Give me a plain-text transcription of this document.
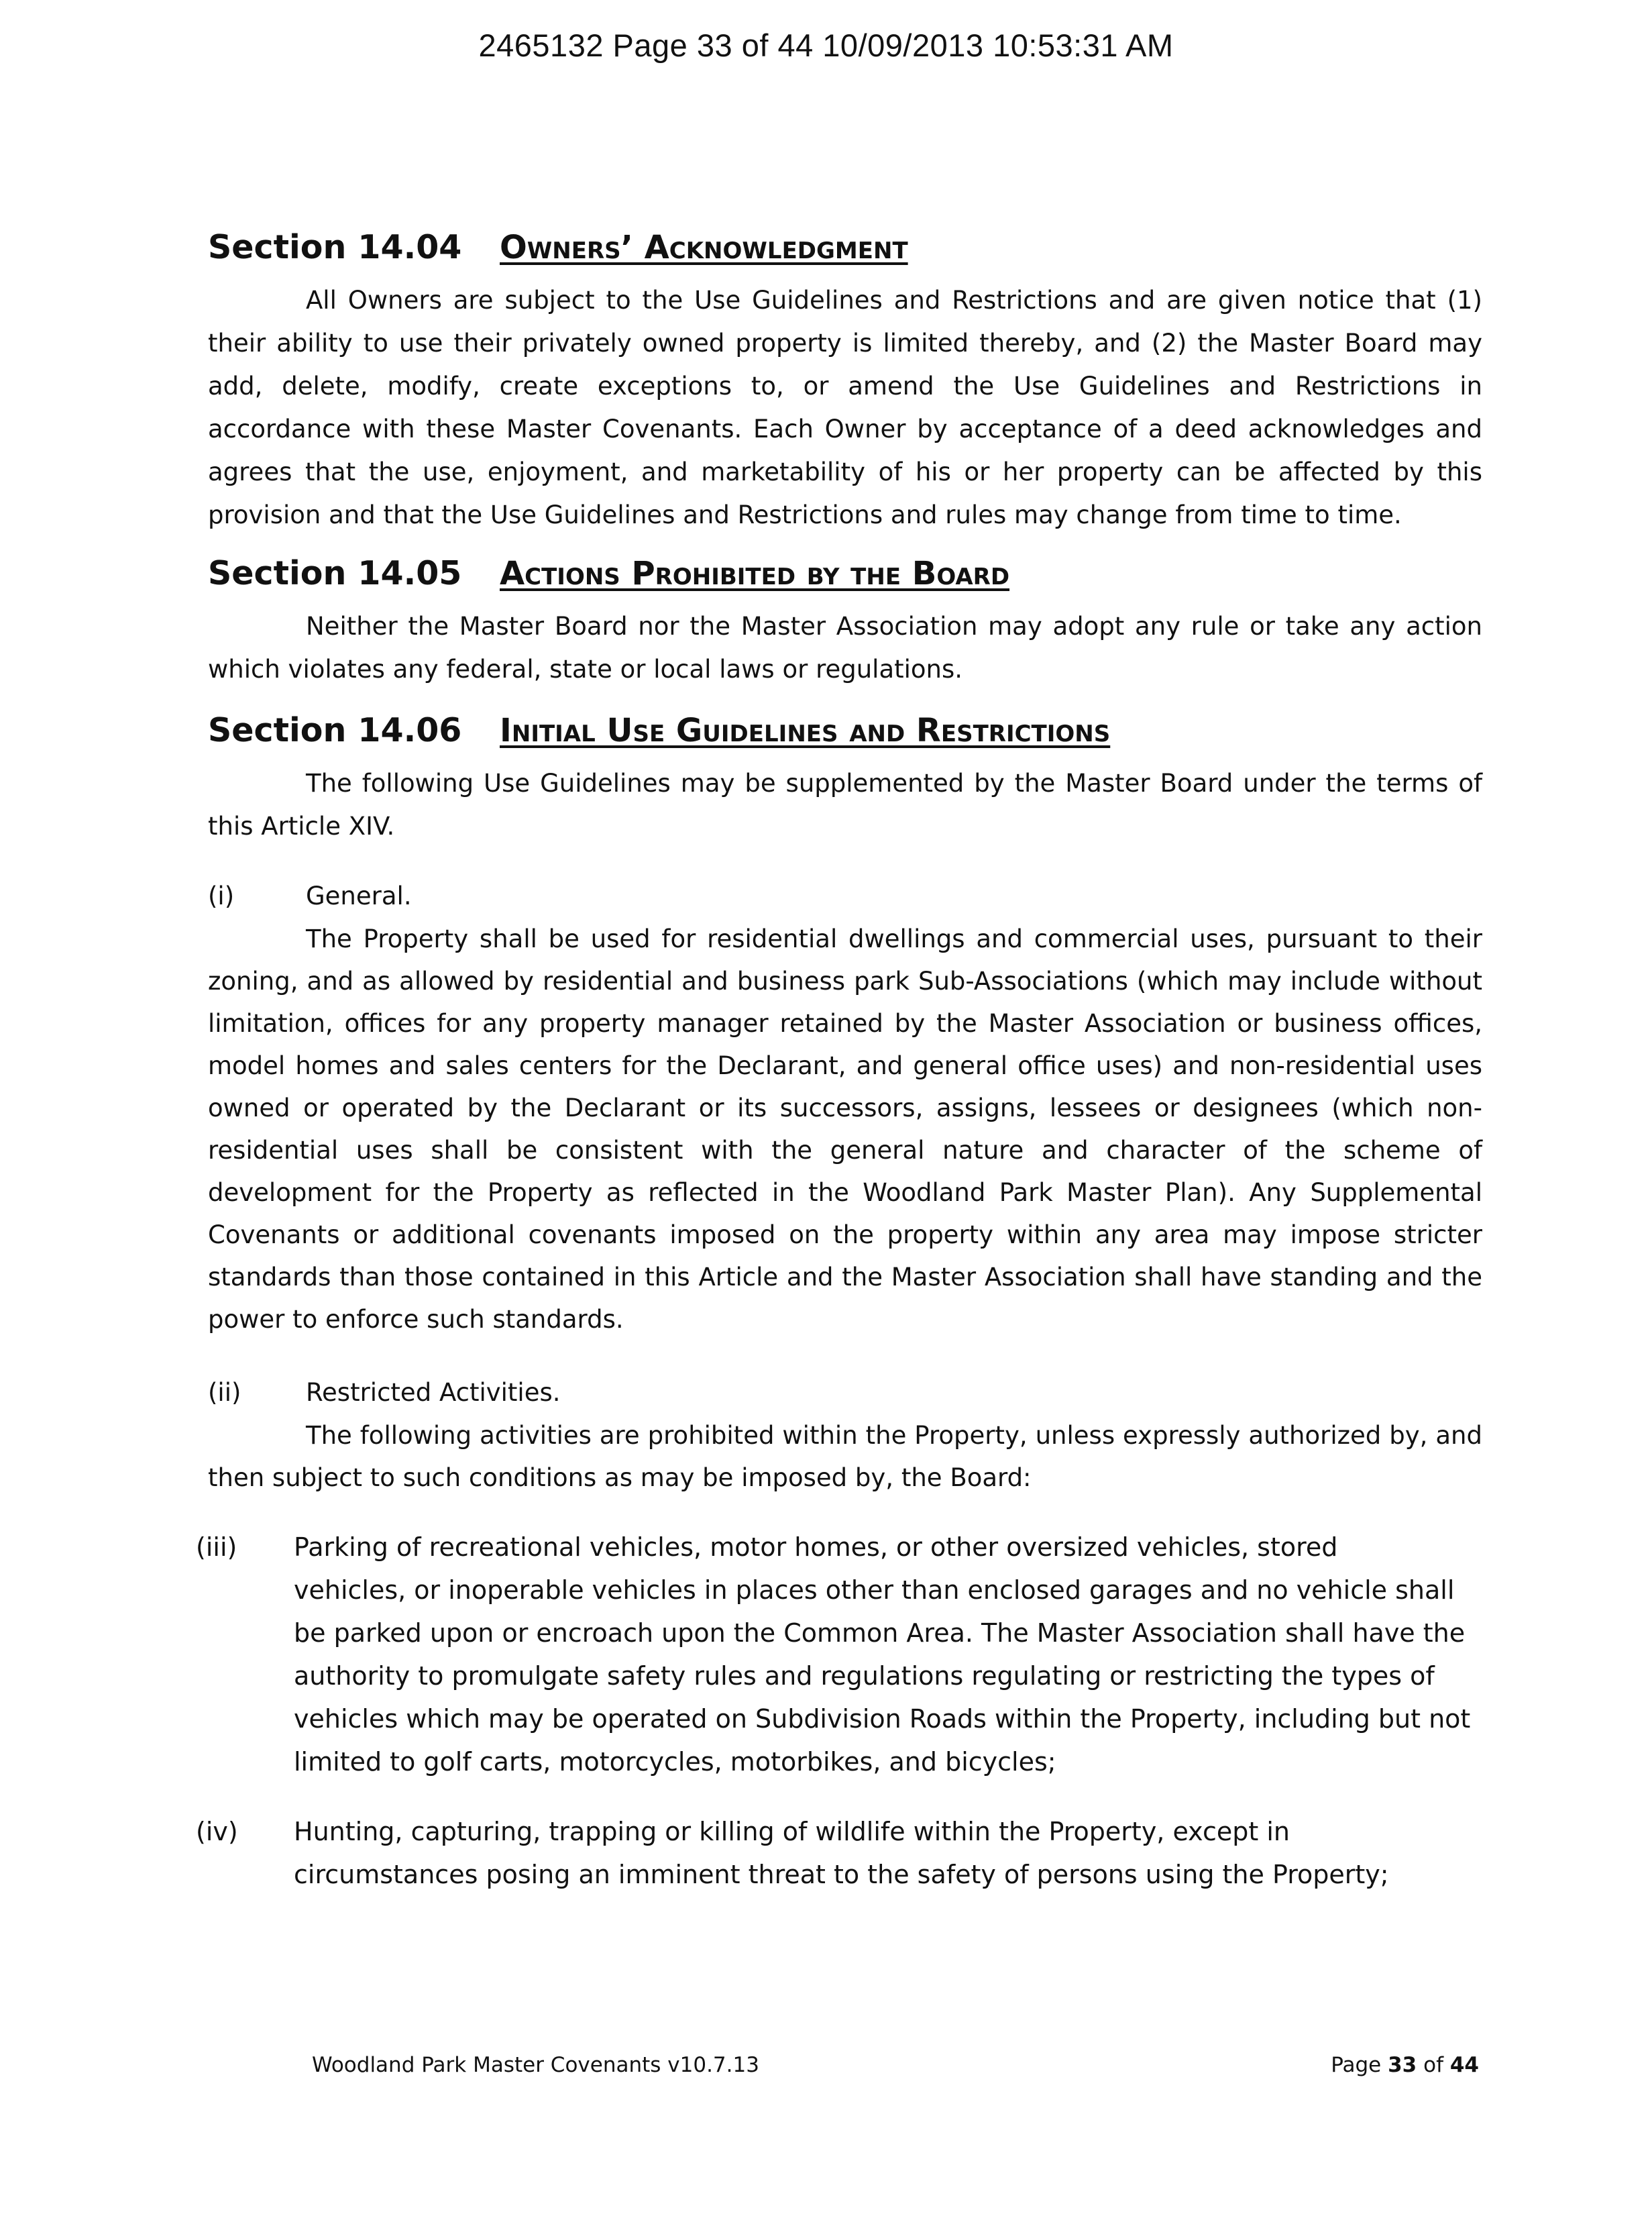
2465132 Page 33 of 44 10/09/2013 10:53:31 AM
Section 14.04	Owners’ Acknowledgment

All Owners are subject to the Use Guidelines and Restrictions and are given notice that (1) their ability to use their privately owned property is limited thereby, and (2) the Master Board may add, delete, modify, create exceptions to, or amend the Use Guidelines and Restrictions in accordance with these Master Covenants. Each Owner by acceptance of a deed acknowledges and agrees that the use, enjoyment, and marketability of his or her property can be affected by this provision and that the Use Guidelines and Restrictions and rules may change from time to time.

Section 14.05	Actions Prohibited by the Board

Neither the Master Board nor the Master Association may adopt any rule or take any action which violates any federal, state or local laws or regulations.

Section 14.06	Initial Use Guidelines and Restrictions

The following Use Guidelines may be supplemented by the Master Board under the terms of this Article XIV.

(i)	General.

The Property shall be used for residential dwellings and commercial uses, pursuant to their zoning, and as allowed by residential and business park Sub-Associations (which may include without limitation, offices for any property manager retained by the Master Association or business offices, model homes and sales centers for the Declarant, and general office uses) and non-residential uses owned or operated by the Declarant or its successors, assigns, lessees or designees (which non-residential uses shall be consistent with the general nature and character of the scheme of development for the Property as reflected in the Woodland Park Master Plan). Any Supplemental Covenants or additional covenants imposed on the property within any area may impose stricter standards than those contained in this Article and the Master Association shall have standing and the power to enforce such standards.

(ii)	Restricted Activities.

The following activities are prohibited within the Property, unless expressly authorized by, and then subject to such conditions as may be imposed by, the Board:

(iii)	Parking of recreational vehicles, motor homes, or other oversized vehicles, stored
vehicles, or inoperable vehicles in places other than enclosed garages and no vehicle shall be parked upon or encroach upon the Common Area. The Master Association shall have the authority to promulgate safety rules and regulations regulating or restricting the types of vehicles which may be operated on Subdivision Roads within the Property, including but not limited to golf carts, motorcycles, motorbikes, and bicycles;
(iv)	Hunting, capturing, trapping or killing of wildlife within the Property, except in
circumstances posing an imminent threat to the safety of persons using the Property;
Woodland Park Master Covenants v10.7.13	Page 33 of 44
